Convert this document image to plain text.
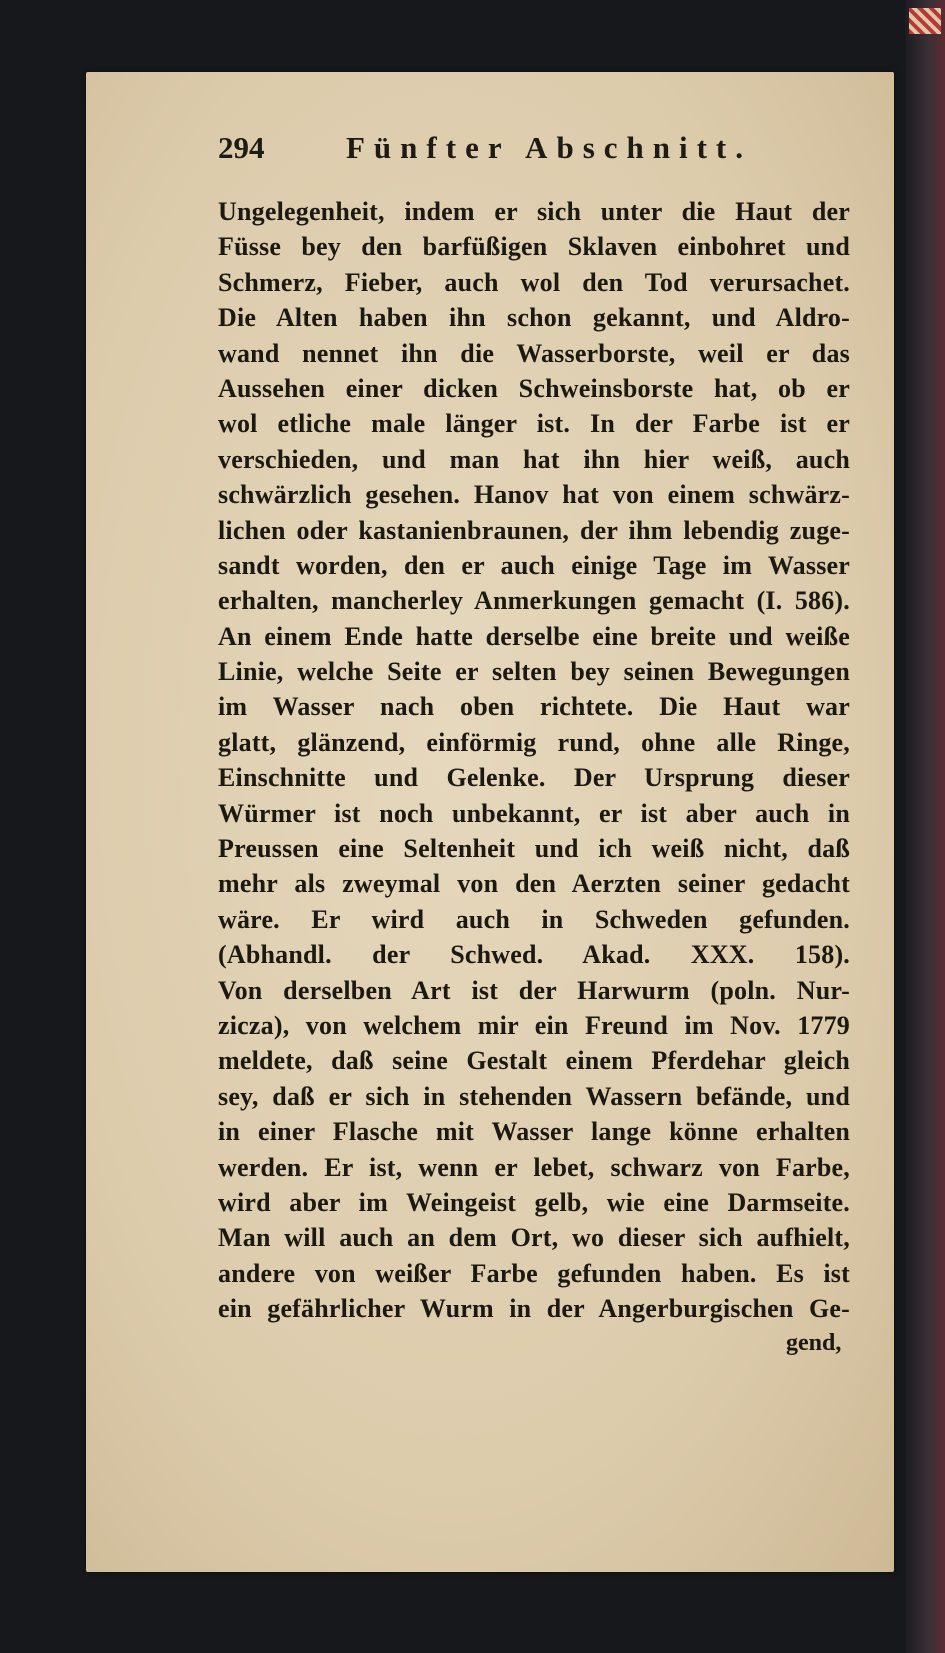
294	Fünfter Abschnitt.
Ungelegenheit, indem er sich unter die Haut der
Füsse bey den barfüßigen Sklaven einbohret und
Schmerz, Fieber, auch wol den Tod verursachet.
Die Alten haben ihn schon gekannt, und Aldro-
wand nennet ihn die Wasserborste, weil er das
Aussehen einer dicken Schweinsborste hat, ob er
wol etliche male länger ist. In der Farbe ist er
verschieden, und man hat ihn hier weiß, auch
schwärzlich gesehen. Hanov hat von einem schwärz-
lichen oder kastanienbraunen, der ihm lebendig zuge-
sandt worden, den er auch einige Tage im Wasser
erhalten, mancherley Anmerkungen gemacht (I. 586).
An einem Ende hatte derselbe eine breite und weiße
Linie, welche Seite er selten bey seinen Bewegungen
im Wasser nach oben richtete. Die Haut war
glatt, glänzend, einförmig rund, ohne alle Ringe,
Einschnitte und Gelenke. Der Ursprung dieser
Würmer ist noch unbekannt, er ist aber auch in
Preussen eine Seltenheit und ich weiß nicht, daß
mehr als zweymal von den Aerzten seiner gedacht
wäre. Er wird auch in Schweden gefunden.
(Abhandl. der Schwed. Akad. XXX. 158).
Von derselben Art ist der Harwurm (poln. Nur-
zicza), von welchem mir ein Freund im Nov. 1779
meldete, daß seine Gestalt einem Pferdehar gleich
sey, daß er sich in stehenden Wassern befände, und
in einer Flasche mit Wasser lange könne erhalten
werden. Er ist, wenn er lebet, schwarz von Farbe,
wird aber im Weingeist gelb, wie eine Darmseite.
Man will auch an dem Ort, wo dieser sich aufhielt,
andere von weißer Farbe gefunden haben. Es ist
ein gefährlicher Wurm in der Angerburgischen Ge-
gend,
